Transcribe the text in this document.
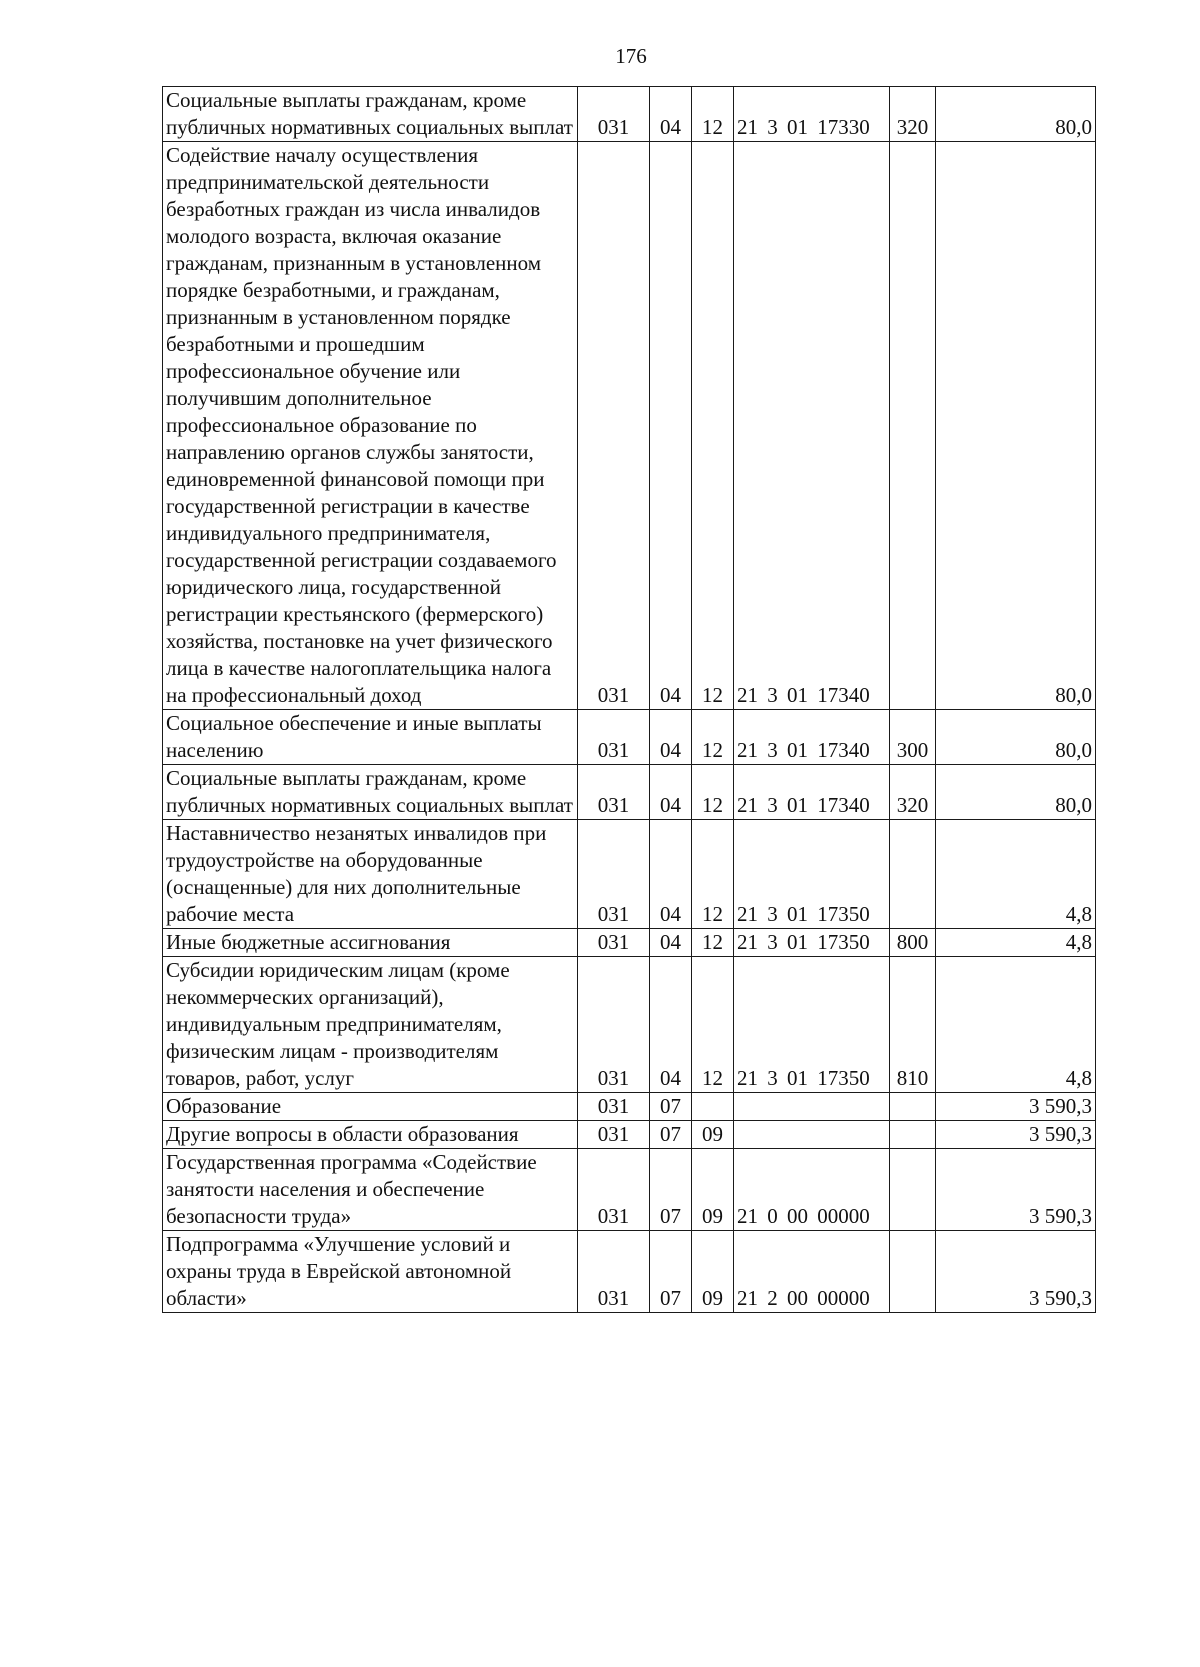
176
Социальные выплаты гражданам, кроме публичных нормативных социальных выплат	031	04	12	21 3 01 17330	320	80,0
Содействие началу осуществления предпринимательской деятельности безработных граждан из числа инвалидов молодого возраста, включая оказание гражданам, признанным в установленном порядке безработными, и гражданам, признанным в установленном порядке безработными и прошедшим профессиональное обучение или получившим дополнительное профессиональное образование по направлению органов службы занятости, единовременной финансовой помощи при государственной регистрации в качестве индивидуального предпринимателя, государственной регистрации создаваемого юридического лица, государственной регистрации крестьянского (фермерского) хозяйства, постановке на учет физического лица в качестве налогоплательщика налога на профессиональный доход	031	04	12	21 3 01 17340		80,0
Социальное обеспечение и иные выплаты населению	031	04	12	21 3 01 17340	300	80,0
Социальные выплаты гражданам, кроме публичных нормативных социальных выплат	031	04	12	21 3 01 17340	320	80,0
Наставничество незанятых инвалидов при трудоустройстве на оборудованные (оснащенные) для них дополнительные рабочие места	031	04	12	21 3 01 17350		4,8
Иные бюджетные ассигнования	031	04	12	21 3 01 17350	800	4,8
Субсидии юридическим лицам (кроме некоммерческих организаций), индивидуальным предпринимателям, физическим лицам - производителям товаров, работ, услуг	031	04	12	21 3 01 17350	810	4,8
Образование	031	07				3 590,3
Другие вопросы в области образования	031	07	09			3 590,3
Государственная программа «Содействие занятости населения и обеспечение безопасности труда»	031	07	09	21 0 00 00000		3 590,3
Подпрограмма «Улучшение условий и охраны труда в Еврейской автономной области»	031	07	09	21 2 00 00000		3 590,3
